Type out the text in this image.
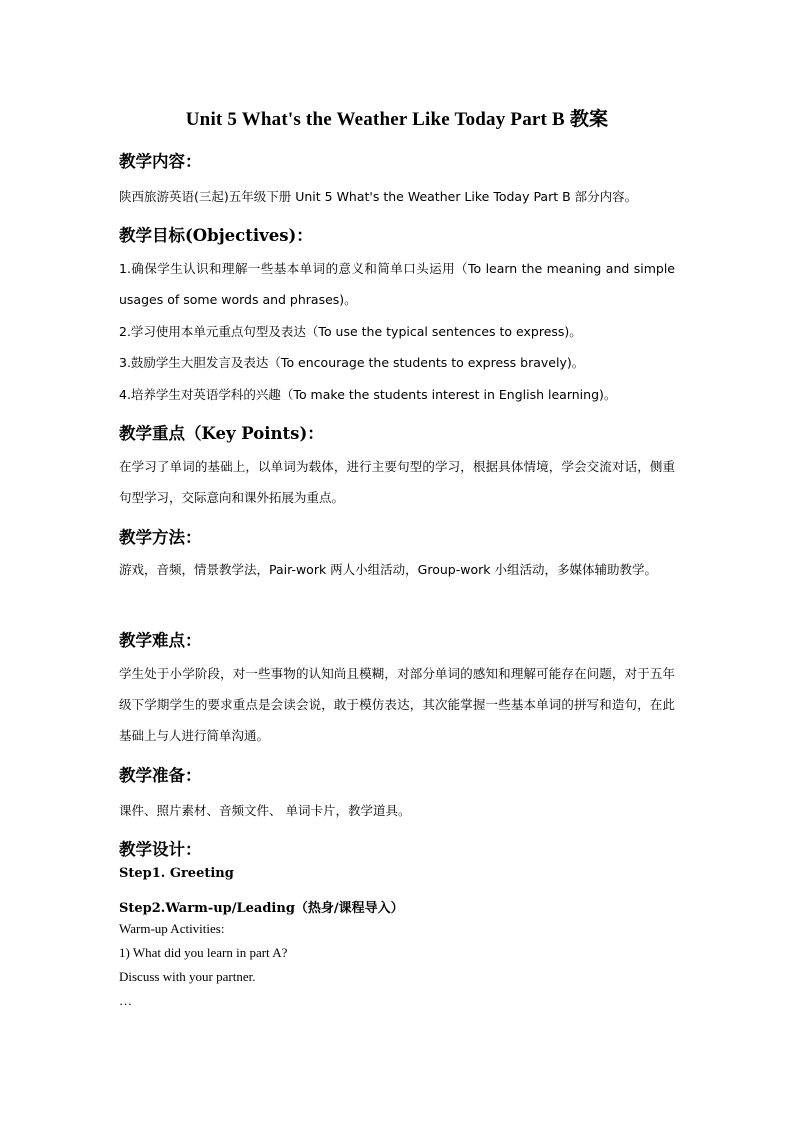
Unit 5 What's the Weather Like Today Part B 教案
教学内容：
陕西旅游英语(三起)五年级下册 Unit 5 What's the Weather Like Today Part B 部分内容。
教学目标(Objectives)：
1.确保学生认识和理解一些基本单词的意义和简单口头运用（To learn the meaning and simple usages of some words and phrases)。
2.学习使用本单元重点句型及表达（To use the typical sentences to express)。
3.鼓励学生大胆发言及表达（To encourage the students to express bravely)。
4.培养学生对英语学科的兴趣（To make the students interest in English learning)。
教学重点（Key Points)：
在学习了单词的基础上，以单词为载体，进行主要句型的学习，根据具体情境，学会交流对话，侧重句型学习，交际意向和课外拓展为重点。
教学方法：
游戏，音频，情景教学法，Pair-work 两人小组活动，Group-work 小组活动，多媒体辅助教学。
教学难点：
学生处于小学阶段，对一些事物的认知尚且模糊，对部分单词的感知和理解可能存在问题，对于五年级下学期学生的要求重点是会读会说，敢于模仿表达，其次能掌握一些基本单词的拼写和造句，在此基础上与人进行简单沟通。
教学准备：
课件、照片素材、音频文件、 单词卡片，教学道具。
教学设计：
Step1. Greeting
Step2.Warm-up/Leading（热身/课程导入）
Warm-up Activities:
1) What did you learn in part A?
Discuss with your partner.
…
